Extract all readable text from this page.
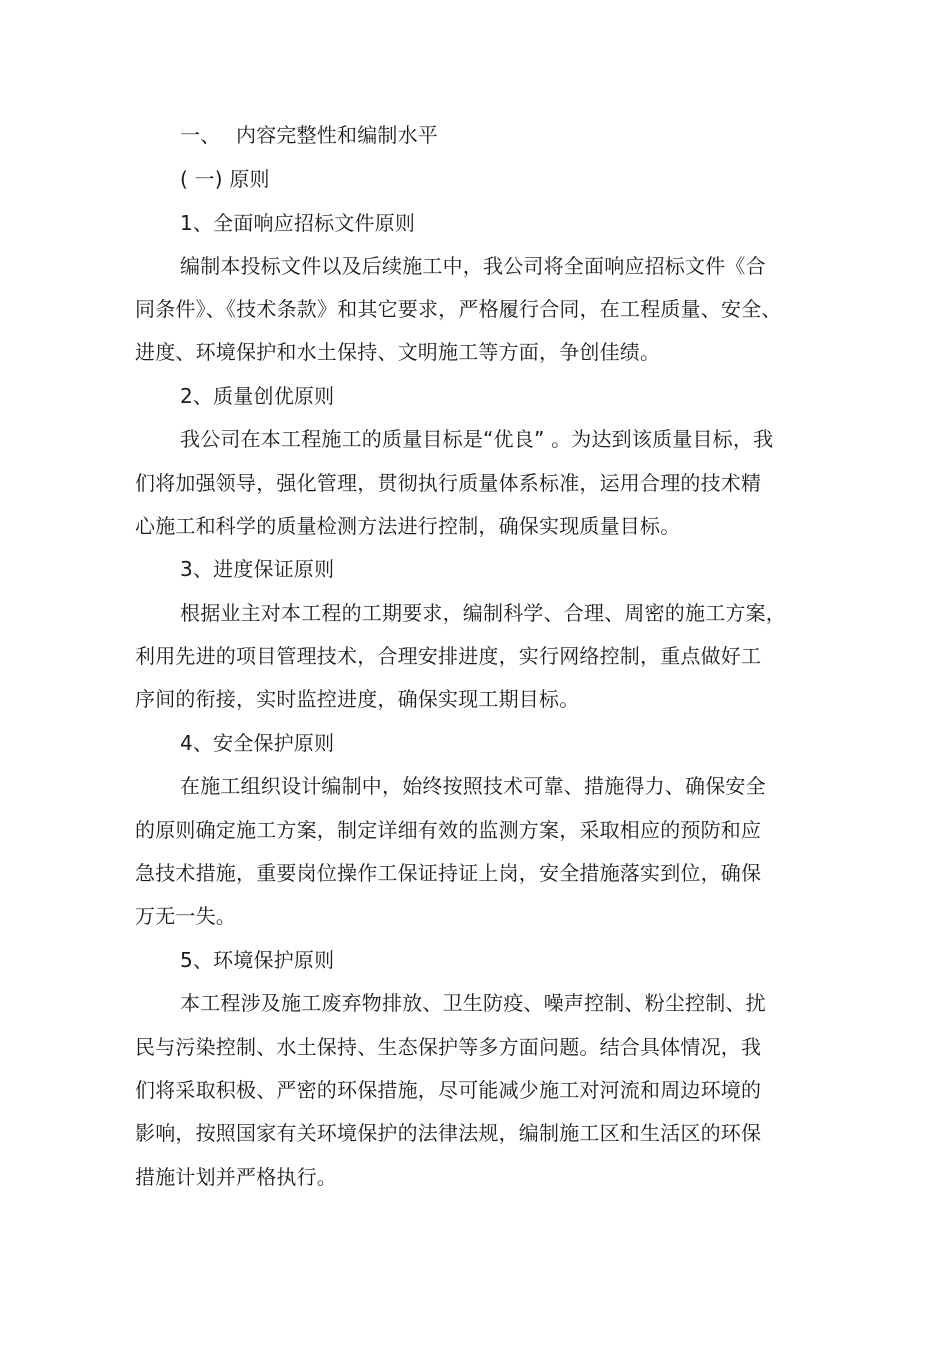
一、 内容完整性和编制水平
( 一) 原则
1、全面响应招标文件原则
编制本投标文件以及后续施工中，我公司将全面响应招标文件《合
同条件》、《技术条款》和其它要求，严格履行合同，在工程质量、安全、
进度、环境保护和水土保持、文明施工等方面，争创佳绩。
2、质量创优原则
我公司在本工程施工的质量目标是“优良” 。为达到该质量目标，我
们将加强领导，强化管理，贯彻执行质量体系标准，运用合理的技术精
心施工和科学的质量检测方法进行控制，确保实现质量目标。
3、进度保证原则
根据业主对本工程的工期要求，编制科学、合理、周密的施工方案，
利用先进的项目管理技术，合理安排进度，实行网络控制，重点做好工
序间的衔接，实时监控进度，确保实现工期目标。
4、安全保护原则
在施工组织设计编制中，始终按照技术可靠、措施得力、确保安全
的原则确定施工方案，制定详细有效的监测方案，采取相应的预防和应
急技术措施，重要岗位操作工保证持证上岗，安全措施落实到位，确保
万无一失。
5、环境保护原则
本工程涉及施工废弃物排放、卫生防疫、噪声控制、粉尘控制、扰
民与污染控制、水土保持、生态保护等多方面问题。结合具体情况，我
们将采取积极、严密的环保措施，尽可能减少施工对河流和周边环境的
影响，按照国家有关环境保护的法律法规，编制施工区和生活区的环保
措施计划并严格执行。
